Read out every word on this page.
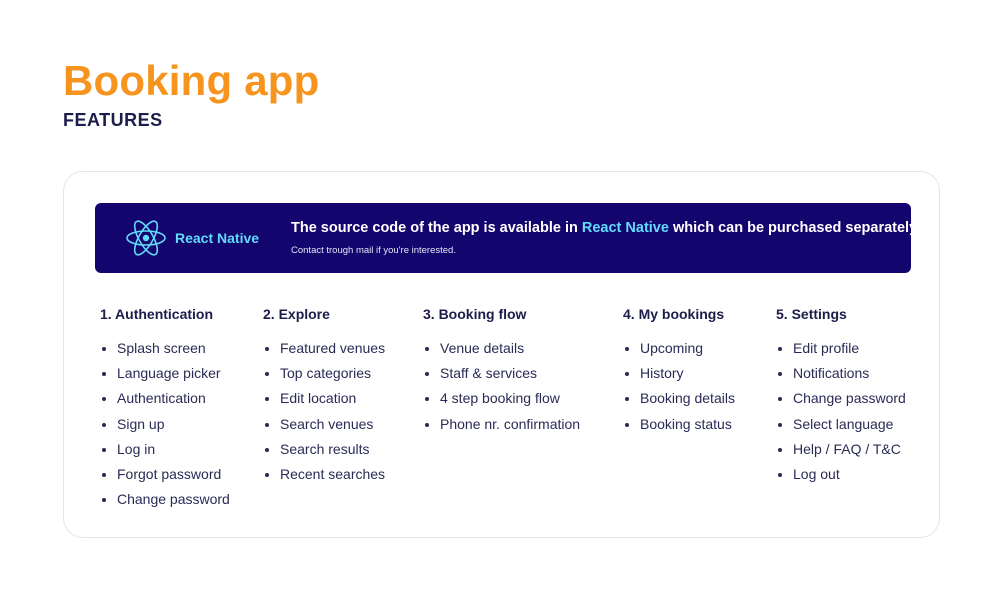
Booking app
FEATURES
React Native
The source code of the app is available in React Native which can be purchased separately!
Contact trough mail if you're interested.
1. Authentication
Splash screen
Language picker
Authentication
Sign up
Log in
Forgot password
Change password
2. Explore
Featured venues
Top categories
Edit location
Search venues
Search results
Recent searches
3. Booking flow
Venue details
Staff & services
4 step booking flow
Phone nr. confirmation
4. My bookings
Upcoming
History
Booking details
Booking status
5. Settings
Edit profile
Notifications
Change password
Select language
Help / FAQ / T&C
Log out
